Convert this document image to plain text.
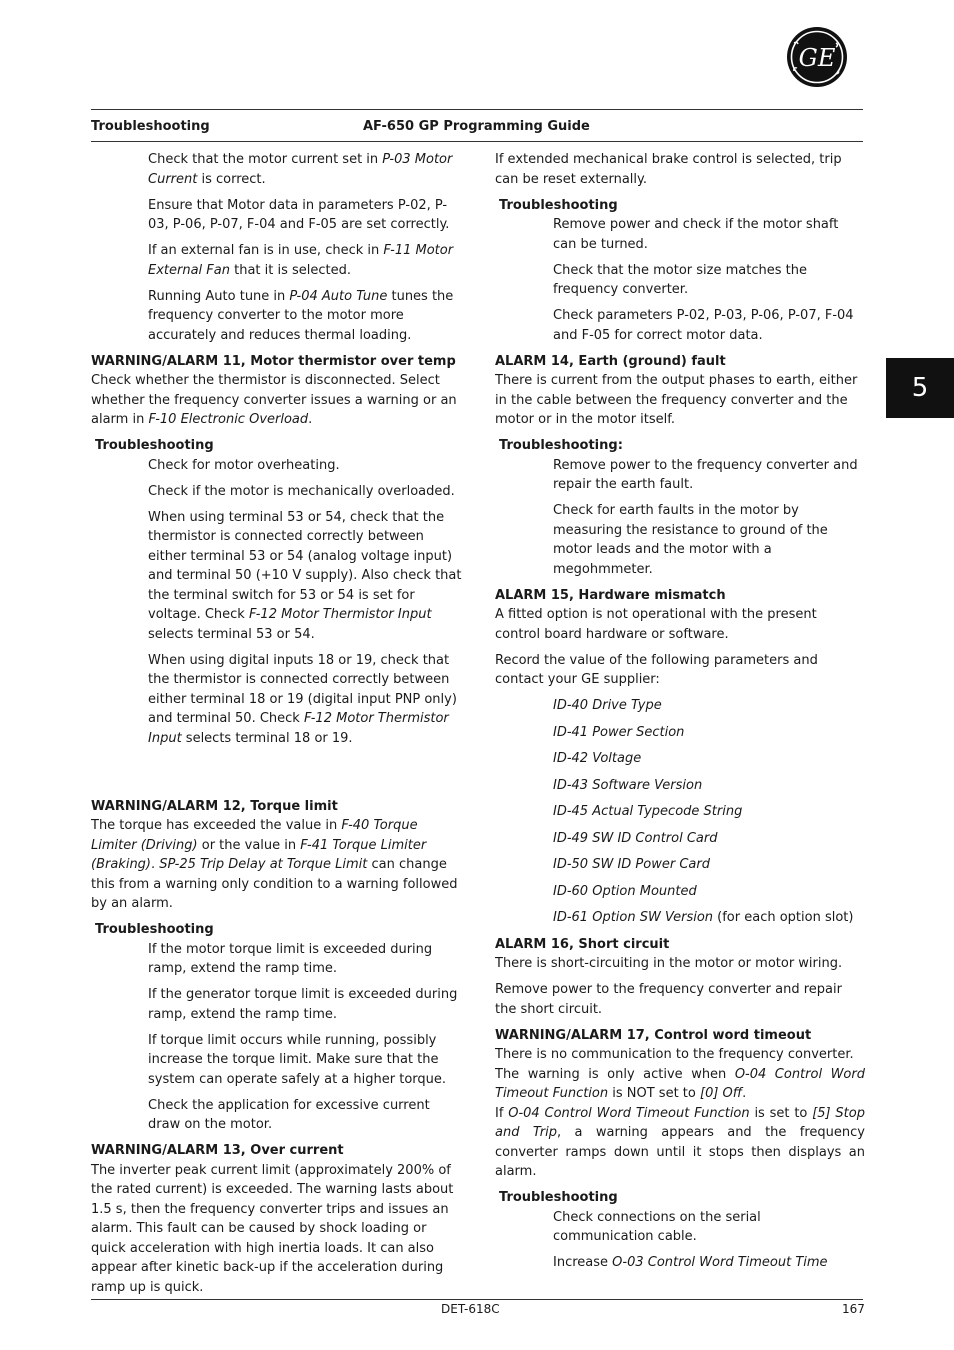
GE
Troubleshooting	AF-650 GP Programming Guide
5

Check that the motor current set in P-03 Motor Current is correct.

Ensure that Motor data in parameters P-02, P-03, P-06, P-07, F-04 and F-05 are set correctly.

If an external fan is in use, check in F-11 Motor External Fan that it is selected.

Running Auto tune in P-04 Auto Tune tunes the frequency converter to the motor more accurately and reduces thermal loading.

WARNING/ALARM 11, Motor thermistor over temp

Check whether the thermistor is disconnected. Select whether the frequency converter issues a warning or an alarm in F-10 Electronic Overload.

Troubleshooting

Check for motor overheating.

Check if the motor is mechanically overloaded.

When using terminal 53 or 54, check that the thermistor is connected correctly between either terminal 53 or 54 (analog voltage input) and terminal 50 (+10 V supply). Also check that the terminal switch for 53 or 54 is set for voltage. Check F-12 Motor Thermistor Input selects terminal 53 or 54.

When using digital inputs 18 or 19, check that the thermistor is connected correctly between either terminal 18 or 19 (digital input PNP only) and terminal 50. Check F-12 Motor Thermistor Input selects terminal 18 or 19.

WARNING/ALARM 12, Torque limit

The torque has exceeded the value in F-40 Torque Limiter (Driving) or the value in F-41 Torque Limiter (Braking). SP-25 Trip Delay at Torque Limit can change this from a warning only condition to a warning followed by an alarm.

Troubleshooting

If the motor torque limit is exceeded during ramp, extend the ramp time.

If the generator torque limit is exceeded during ramp, extend the ramp time.

If torque limit occurs while running, possibly increase the torque limit. Make sure that the system can operate safely at a higher torque.

Check the application for excessive current draw on the motor.

WARNING/ALARM 13, Over current

The inverter peak current limit (approximately 200% of the rated current) is exceeded. The warning lasts about 1.5 s, then the frequency converter trips and issues an alarm. This fault can be caused by shock loading or quick acceleration with high inertia loads. It can also appear after kinetic back-up if the acceleration during ramp up is quick.

If extended mechanical brake control is selected, trip can be reset externally.

Troubleshooting

Remove power and check if the motor shaft can be turned.

Check that the motor size matches the frequency converter.

Check parameters P-02, P-03, P-06, P-07, F-04 and F-05 for correct motor data.

ALARM 14, Earth (ground) fault

There is current from the output phases to earth, either in the cable between the frequency converter and the motor or in the motor itself.

Troubleshooting:

Remove power to the frequency converter and repair the earth fault.

Check for earth faults in the motor by measuring the resistance to ground of the motor leads and the motor with a megohmmeter.

ALARM 15, Hardware mismatch

A fitted option is not operational with the present control board hardware or software.

Record the value of the following parameters and contact your GE supplier:

ID-40 Drive Type

ID-41 Power Section

ID-42 Voltage

ID-43 Software Version

ID-45 Actual Typecode String

ID-49 SW ID Control Card

ID-50 SW ID Power Card

ID-60 Option Mounted

ID-61 Option SW Version (for each option slot)

ALARM 16, Short circuit

There is short-circuiting in the motor or motor wiring.

Remove power to the frequency converter and repair the short circuit.

WARNING/ALARM 17, Control word timeout

There is no communication to the frequency converter.
The warning is only active when O-04 Control Word Timeout Function is NOT set to [0] Off.
If O-04 Control Word Timeout Function is set to [5] Stop and Trip, a warning appears and the frequency converter ramps down until it stops then displays an alarm.

Troubleshooting

Check connections on the serial communication cable.

Increase O-03 Control Word Timeout Time

DET-618C	167
